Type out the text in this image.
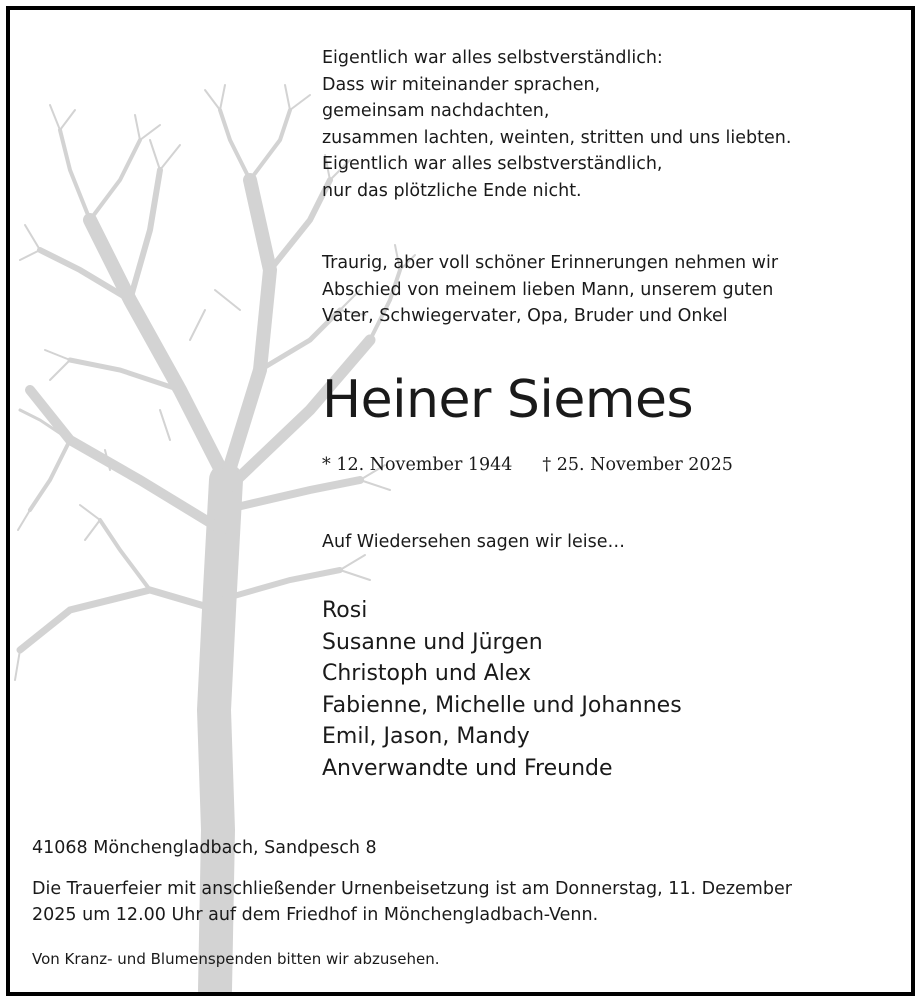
Eigentlich war alles selbstverständlich:
Dass wir miteinander sprachen,
gemeinsam nachdachten,
zusammen lachten, weinten, stritten und uns liebten.
Eigentlich war alles selbstverständlich,
nur das plötzliche Ende nicht.
Traurig, aber voll schöner Erinnerungen nehmen wir
Abschied von meinem lieben Mann, unserem guten
Vater, Schwiegervater, Opa, Bruder und Onkel
Heiner Siemes
* 12. November 1944 † 25. November 2025
Auf Wiedersehen sagen wir leise…
Rosi
Susanne und Jürgen
Christoph und Alex
Fabienne, Michelle und Johannes
Emil, Jason, Mandy
Anverwandte und Freunde
41068 Mönchengladbach, Sandpesch 8
Die Trauerfeier mit anschließender Urnenbeisetzung ist am Donnerstag, 11. Dezember
2025 um 12.00 Uhr auf dem Friedhof in Mönchengladbach-Venn.
Von Kranz- und Blumenspenden bitten wir abzusehen.
